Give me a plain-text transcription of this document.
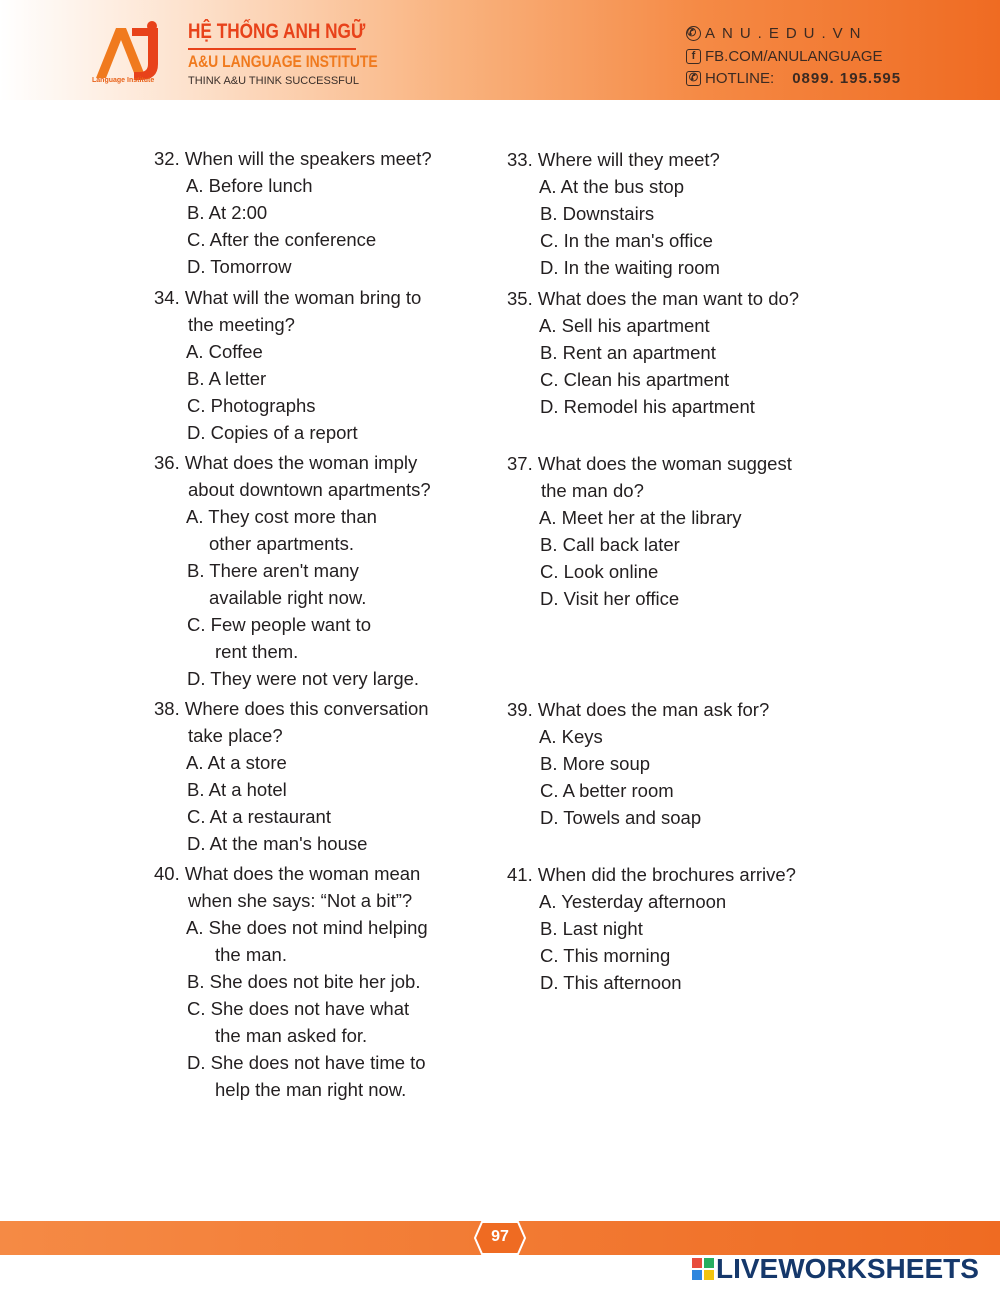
Language Institute
HỆ THỐNG ANH NGỮ
A&U LANGUAGE INSTITUTE
THINK A&U THINK SUCCESSFUL
✆ ANU.EDU.VN
f FB.COM/ANULANGUAGE
✆ HOTLINE: 0899. 195.595
32. When will the speakers meet?
A. Before lunch
B. At 2:00
C. After the conference
D. Tomorrow
33. Where will they meet?
A. At the bus stop
B. Downstairs
C. In the man's office
D. In the waiting room
34. What will the woman bring to
the meeting?
A. Coffee
B. A letter
C. Photographs
D. Copies of a report
35. What does the man want to do?
A. Sell his apartment
B. Rent an apartment
C. Clean his apartment
D. Remodel his apartment
36. What does the woman imply
about downtown apartments?
A. They cost more than
other apartments.
B. There aren't many
available right now.
C. Few people want to
rent them.
D. They were not very large.
37. What does the woman suggest
the man do?
A. Meet her at the library
B. Call back later
C. Look online
D. Visit her office
38. Where does this conversation
take place?
A. At a store
B. At a hotel
C. At a restaurant
D. At the man's house
39. What does the man ask for?
A. Keys
B. More soup
C. A better room
D. Towels and soap
40. What does the woman mean
when she says: “Not a bit”?
A. She does not mind helping
the man.
B. She does not bite her job.
C. She does not have what
the man asked for.
D. She does not have time to
help the man right now.
41. When did the brochures arrive?
A. Yesterday afternoon
B. Last night
C. This morning
D. This afternoon
97
LIVEWORKSHEETS
